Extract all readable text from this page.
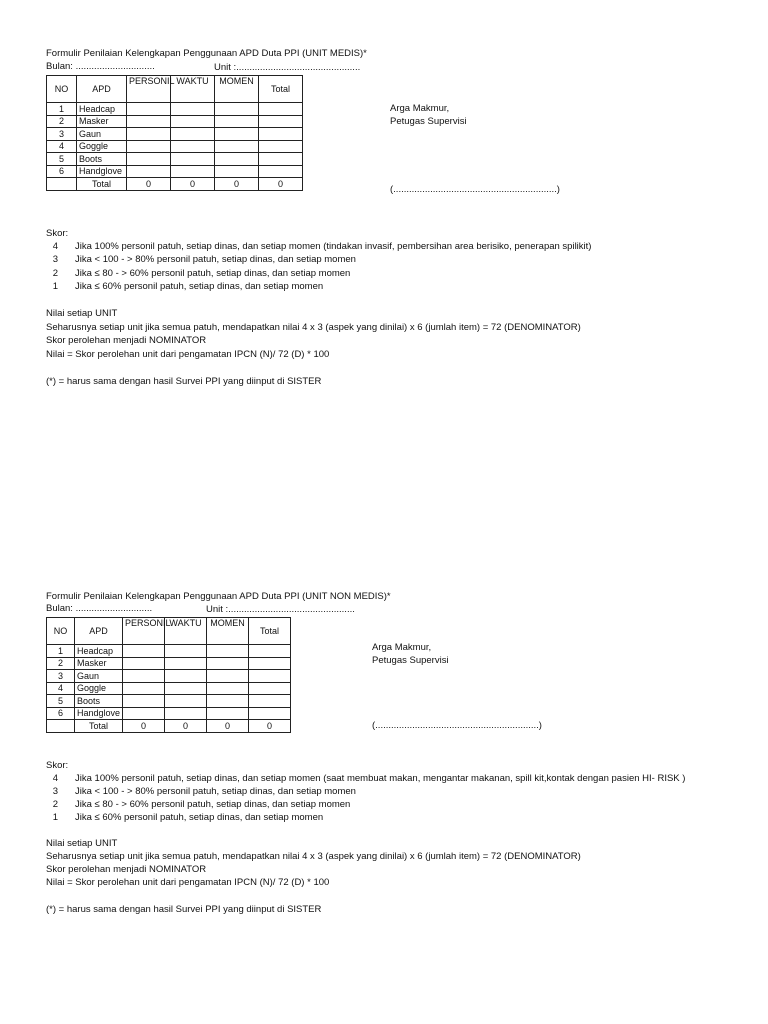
Formulir Penilaian Kelengkapan Penggunaan APD Duta PPI (UNIT MEDIS)*
Bulan: ..............................	Unit :...............................................
NO	APD	PERSONIL	WAKTU	MOMEN	Total
1	Headcap				
2	Masker				
3	Gaun				
4	Goggle				
5	Boots				
6	Handglove				
	Total	0	0	0	0
Arga Makmur,
Petugas Supervisi
(..............................................................)
Skor:
4 Jika 100% personil patuh, setiap dinas, dan setiap momen (tindakan invasif, pembersihan area berisiko, penerapan spilikit)
3 Jika < 100 - > 80% personil patuh, setiap dinas, dan setiap momen
2 Jika ≤ 80 - > 60% personil patuh, setiap dinas, dan setiap momen
1 Jika ≤ 60% personil patuh, setiap dinas, dan setiap momen
Nilai setiap UNIT
Seharusnya setiap unit jika semua patuh, mendapatkan nilai 4 x 3 (aspek yang dinilai) x 6 (jumlah item) = 72 (DENOMINATOR)
Skor perolehan menjadi NOMINATOR
Nilai = Skor perolehan unit dari pengamatan IPCN (N)/ 72 (D) * 100
(*) = harus sama dengan hasil Survei PPI yang diinput di SISTER
Formulir Penilaian Kelengkapan Penggunaan APD Duta PPI (UNIT NON MEDIS)*
Bulan: .............................	Unit :................................................
NO	APD	PERSONIL	WAKTU	MOMEN	Total
1	Headcap				
2	Masker				
3	Gaun				
4	Goggle				
5	Boots				
6	Handglove				
	Total	0	0	0	0
Arga Makmur,
Petugas Supervisi
(..............................................................)
Skor:
4 Jika 100% personil patuh, setiap dinas, dan setiap momen (saat membuat makan, mengantar makanan, spill kit,kontak dengan pasien HI- RISK )
3 Jika < 100 - > 80% personil patuh, setiap dinas, dan setiap momen
2 Jika ≤ 80 - > 60% personil patuh, setiap dinas, dan setiap momen
1 Jika ≤ 60% personil patuh, setiap dinas, dan setiap momen
Nilai setiap UNIT
Seharusnya setiap unit jika semua patuh, mendapatkan nilai 4 x 3 (aspek yang dinilai) x 6 (jumlah item) = 72 (DENOMINATOR)
Skor perolehan menjadi NOMINATOR
Nilai = Skor perolehan unit dari pengamatan IPCN (N)/ 72 (D) * 100
(*) = harus sama dengan hasil Survei PPI yang diinput di SISTER
